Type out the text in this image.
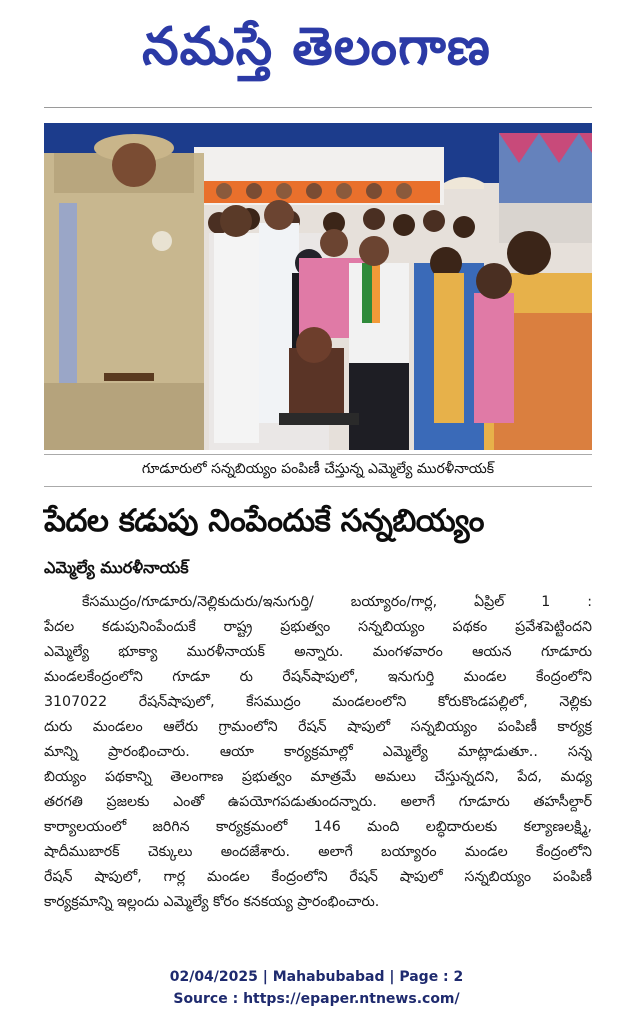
నమస్తే తెలంగాణ
గూడూరులో సన్నబియ్యం పంపిణీ చేస్తున్న ఎమ్మెల్యే మురళీనాయక్
పేదల కడుపు నింపేందుకే సన్నబియ్యం
ఎమ్మెల్యే మురళీనాయక్
కేసముద్రం/గూడూరు/నెల్లికుదురు/ఇనుగుర్తి/ బయ్యారం/గార్ల, ఏప్రిల్ 1 :
పేదల కడుపునింపేందుకే రాష్ట్ర ప్రభుత్వం సన్నబియ్యం పథకం ప్రవేశపెట్టిందని
ఎమ్మెల్యే భూక్యా మురళీనాయక్ అన్నారు. మంగళవారం ఆయన గూడూరు
మండలకేంద్రంలోని గూడూ రు రేషన్‌షాపులో, ఇనుగుర్తి మండల కేంద్రంలోని
3107022 రేషన్‌షాపులో, కేసముద్రం మండలంలోని కోరుకొండపల్లిలో, నెల్లికు
దురు మండలం ఆలేరు గ్రామంలోని రేషన్ షాపులో సన్నబియ్యం పంపిణీ కార్యక్ర
మాన్ని ప్రారంభించారు. ఆయా కార్యక్రమాల్లో ఎమ్మెల్యే మాట్లాడుతూ.. సన్న
బియ్యం పథకాన్ని తెలంగాణ ప్రభుత్వం మాత్రమే అమలు చేస్తున్నదని, పేద, మధ్య
తరగతి ప్రజలకు ఎంతో ఉపయోగపడుతుందన్నారు. అలాగే గూడూరు తహసీల్దార్
కార్యాలయంలో జరిగిన కార్యక్రమంలో 146 మంది లబ్ధిదారులకు కల్యాణలక్ష్మి,
షాదీముబారక్ చెక్కులు అందజేశారు. అలాగే బయ్యారం మండల కేంద్రంలోని
రేషన్ షాపులో, గార్ల మండల కేంద్రంలోని రేషన్ షాపులో సన్నబియ్యం పంపిణీ
కార్యక్రమాన్ని ఇల్లందు ఎమ్మెల్యే కోరం కనకయ్య ప్రారంభించారు.
02/04/2025 | Mahabubabad | Page : 2
Source : https://epaper.ntnews.com/
